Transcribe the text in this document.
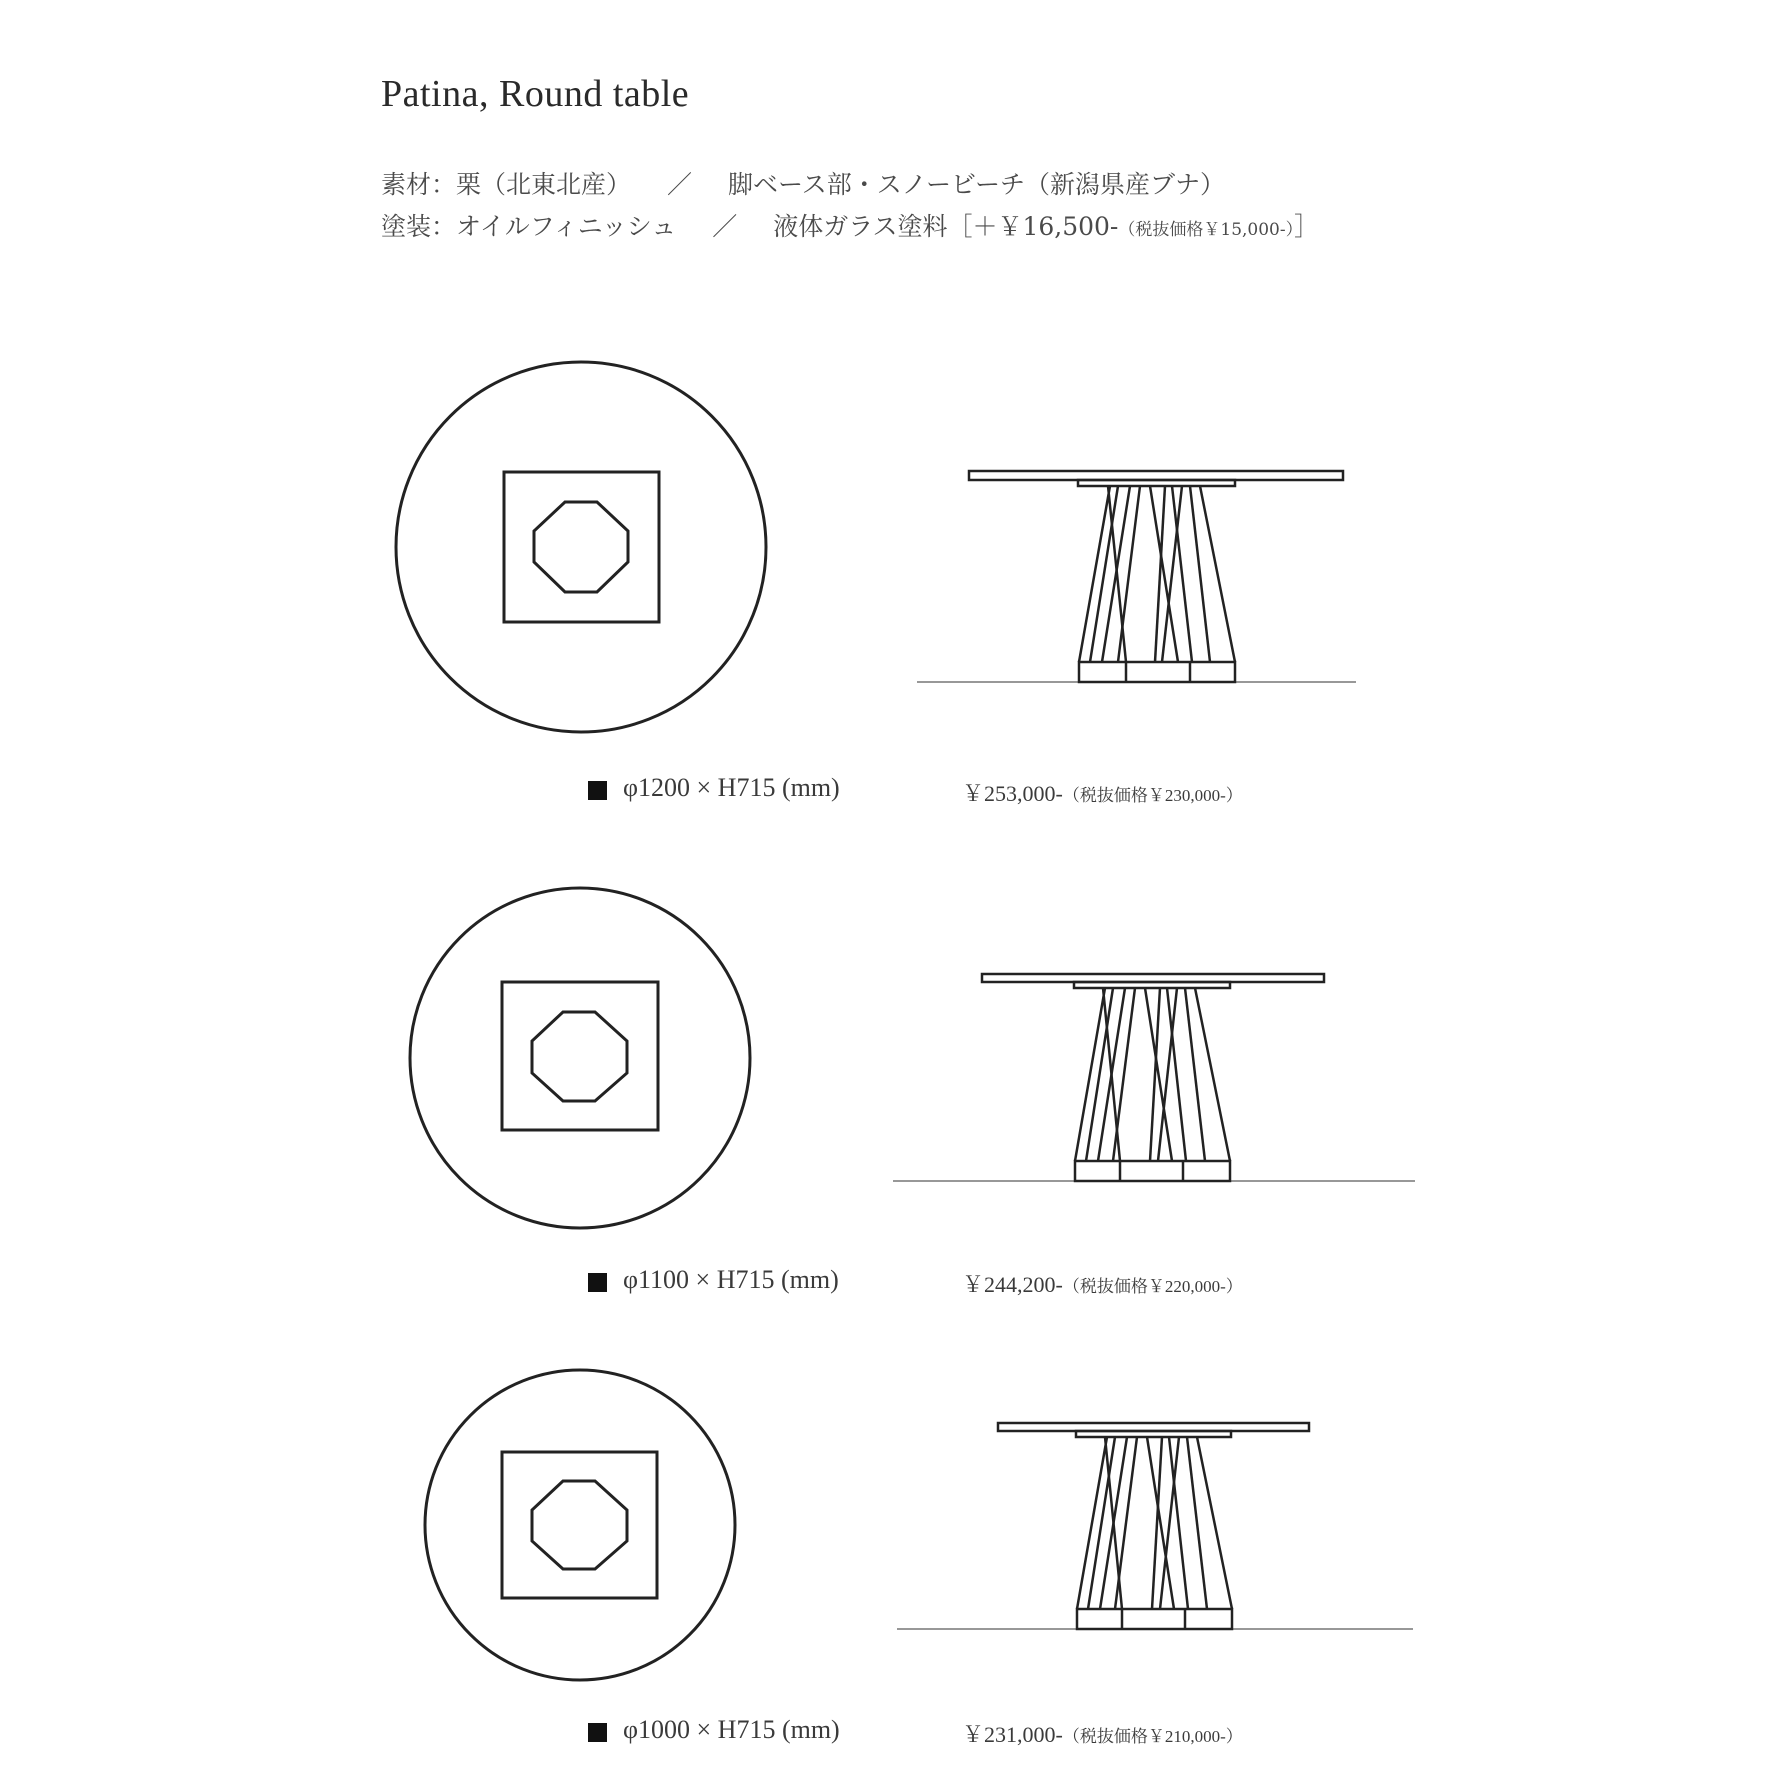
Patina, Round table
素材：栗（北東北産） ／ 脚ベース部・スノービーチ（新潟県産ブナ）
塗装：オイルフィニッシュ ／ 液体ガラス塗料［＋￥16,500-（税抜価格￥15,000-）］
φ1200 × H715 (mm)	￥253,000-（税抜価格￥230,000-）
φ1100 × H715 (mm)	￥244,200-（税抜価格￥220,000-）
φ1000 × H715 (mm)	￥231,000-（税抜価格￥210,000-）
